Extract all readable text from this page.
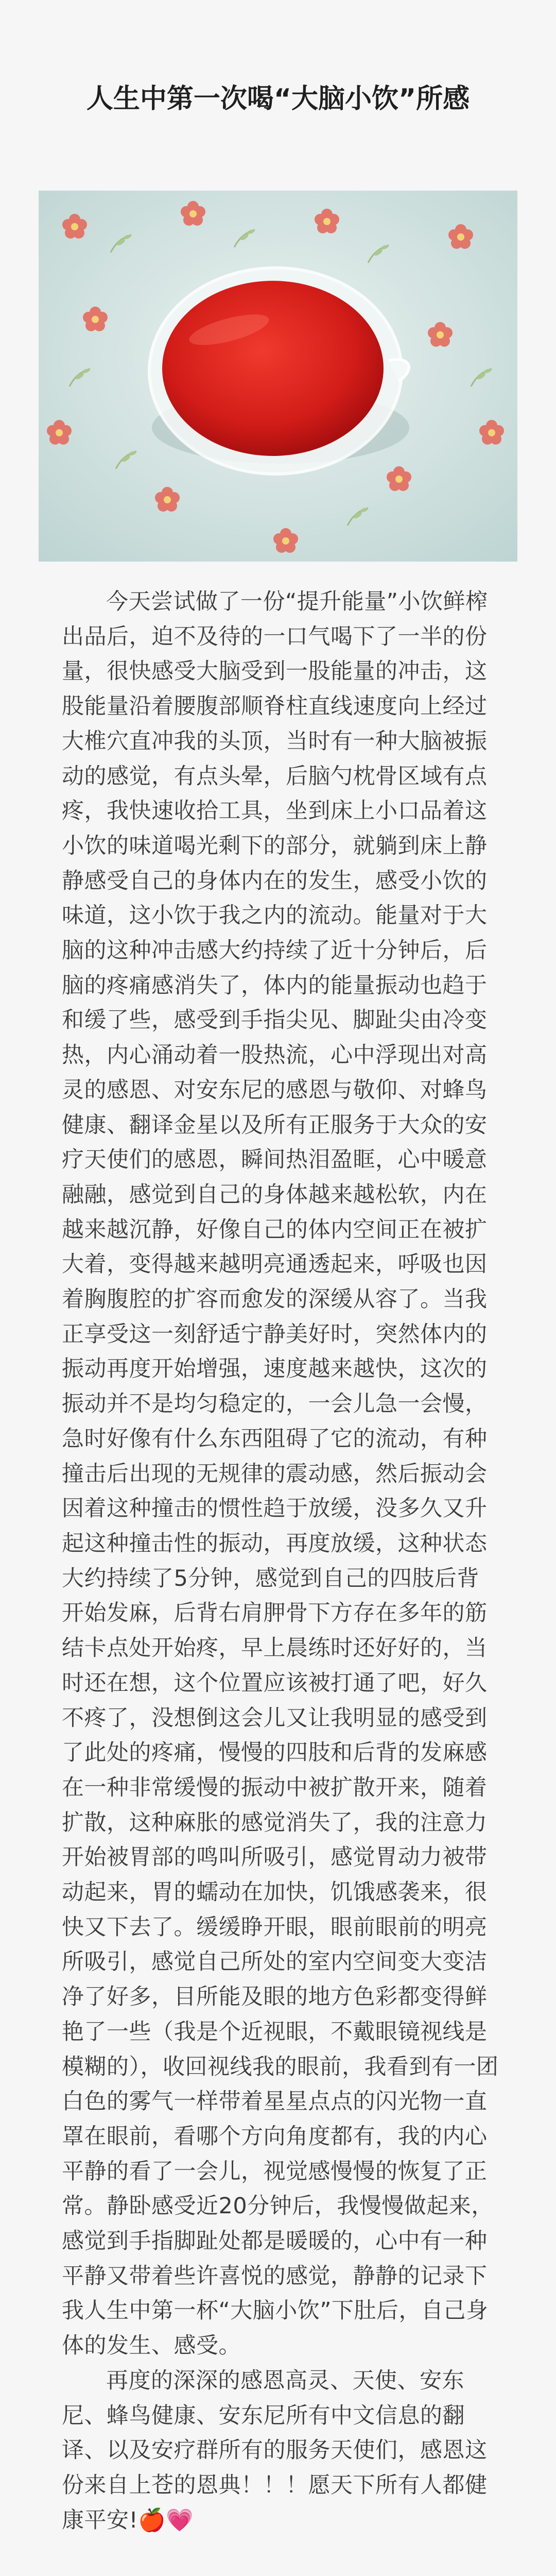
人生中第一次喝“大脑小饮”所感

今天尝试做了一份“提升能量”小饮鲜榨出品后，迫不及待的一口气喝下了一半的份量，很快感受大脑受到一股能量的冲击，这股能量沿着腰腹部顺脊柱直线速度向上经过大椎穴直冲我的头顶，当时有一种大脑被振动的感觉，有点头晕，后脑勺枕骨区域有点疼，我快速收拾工具，坐到床上小口品着这小饮的味道喝光剩下的部分，就躺到床上静静感受自己的身体内在的发生，感受小饮的味道，这小饮于我之内的流动。能量对于大脑的这种冲击感大约持续了近十分钟后，后脑的疼痛感消失了，体内的能量振动也趋于和缓了些，感受到手指尖见、脚趾尖由冷变热，内心涌动着一股热流，心中浮现出对高灵的感恩、对安东尼的感恩与敬仰、对蜂鸟健康、翻译金星以及所有正服务于大众的安疗天使们的感恩，瞬间热泪盈眶，心中暖意融融，感觉到自己的身体越来越松软，内在越来越沉静，好像自己的体内空间正在被扩大着，变得越来越明亮通透起来，呼吸也因着胸腹腔的扩容而愈发的深缓从容了。当我正享受这一刻舒适宁静美好时，突然体内的振动再度开始增强，速度越来越快，这次的振动并不是均匀稳定的，一会儿急一会慢，急时好像有什么东西阻碍了它的流动，有种撞击后出现的无规律的震动感，然后振动会因着这种撞击的惯性趋于放缓，没多久又升起这种撞击性的振动，再度放缓，这种状态大约持续了5分钟，感觉到自己的四肢后背开始发麻，后背右肩胛骨下方存在多年的筋结卡点处开始疼，早上晨练时还好好的，当时还在想，这个位置应该被打通了吧，好久不疼了，没想倒这会儿又让我明显的感受到了此处的疼痛，慢慢的四肢和后背的发麻感在一种非常缓慢的振动中被扩散开来，随着扩散，这种麻胀的感觉消失了，我的注意力开始被胃部的鸣叫所吸引，感觉胃动力被带动起来，胃的蠕动在加快，饥饿感袭来，很快又下去了。缓缓睁开眼，眼前眼前的明亮所吸引，感觉自己所处的室内空间变大变洁净了好多，目所能及眼的地方色彩都变得鲜艳了一些（我是个近视眼，不戴眼镜视线是模糊的），收回视线我的眼前，我看到有一团白色的雾气一样带着星星点点的闪光物一直罩在眼前，看哪个方向角度都有，我的内心平静的看了一会儿，视觉感慢慢的恢复了正常。静卧感受近20分钟后，我慢慢做起来，感觉到手指脚趾处都是暖暖的，心中有一种平静又带着些许喜悦的感觉，静静的记录下我人生中第一杯“大脑小饮”下肚后，自己身体的发生、感受。

再度的深深的感恩高灵、天使、安东尼、蜂鸟健康、安东尼所有中文信息的翻译、以及安疗群所有的服务天使们，感恩这份来自上苍的恩典！！！愿天下所有人都健康平安!🍎💗
